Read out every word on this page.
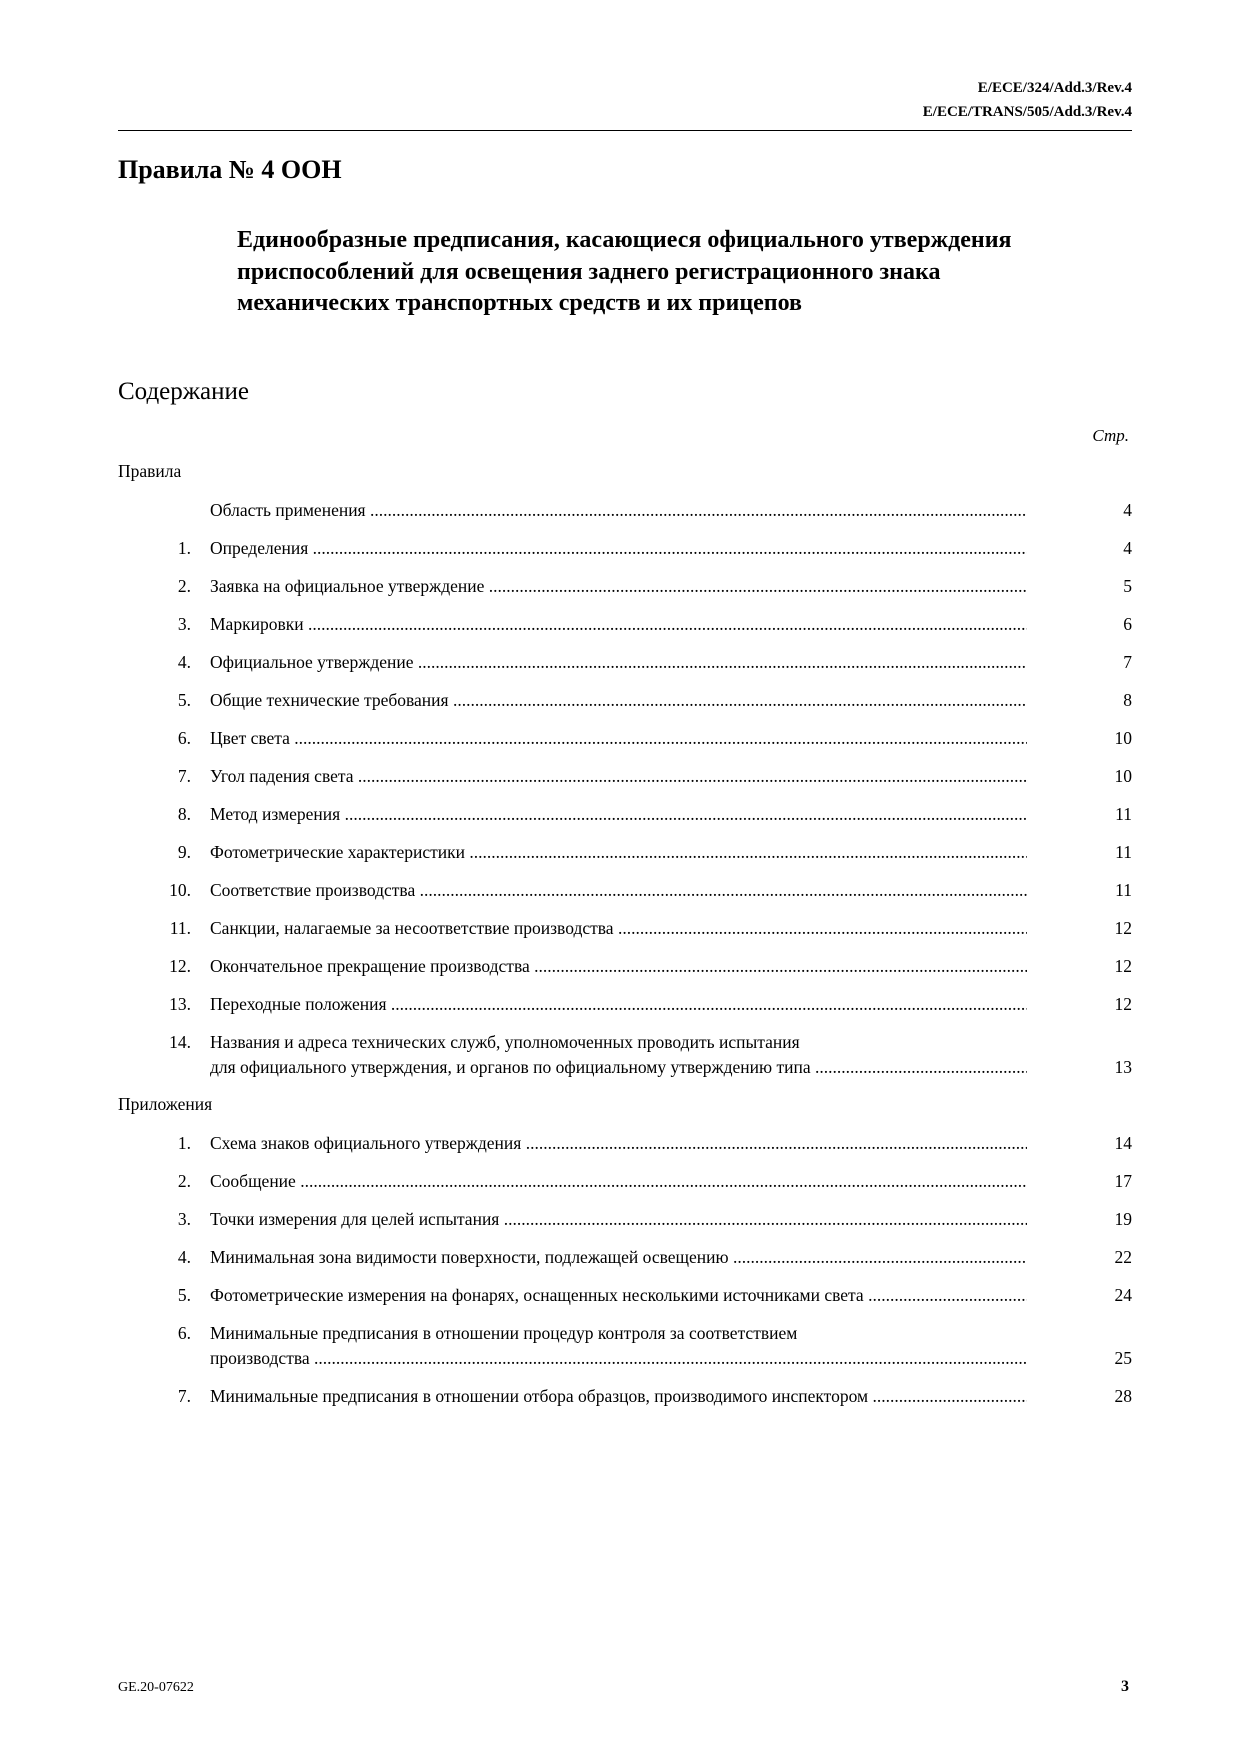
E/ECE/324/Add.3/Rev.4
E/ECE/TRANS/505/Add.3/Rev.4
Правила № 4 ООН
Единообразные предписания, касающиеся официального утверждения приспособлений для освещения заднего регистрационного знака механических транспортных средств и их прицепов
Содержание
Стр.
Правила
Область применения .....	4
1.	Определения .....	4
2.	Заявка на официальное утверждение .....	5
3.	Маркировки .....	6
4.	Официальное утверждение .....	7
5.	Общие технические требования .....	8
6.	Цвет света .....	10
7.	Угол падения света .....	10
8.	Метод измерения .....	11
9.	Фотометрические характеристики .....	11
10.	Соответствие производства .....	11
11.	Санкции, налагаемые за несоответствие производства .....	12
12.	Окончательное прекращение производства .....	12
13.	Переходные положения .....	12
14.	Названия и адреса технических служб, уполномоченных проводить испытания
для официального утверждения, и органов по официальному утверждению типа .....	13
Приложения
1.	Схема знаков официального утверждения .....	14
2.	Сообщение .....	17
3.	Точки измерения для целей испытания .....	19
4.	Минимальная зона видимости поверхности, подлежащей освещению .....	22
5.	Фотометрические измерения на фонарях, оснащенных несколькими источниками света .....	24
6.	Минимальные предписания в отношении процедур контроля за соответствием
производства .....	25
7.	Минимальные предписания в отношении отбора образцов, производимого инспектором .....	28
GE.20-07622	3
